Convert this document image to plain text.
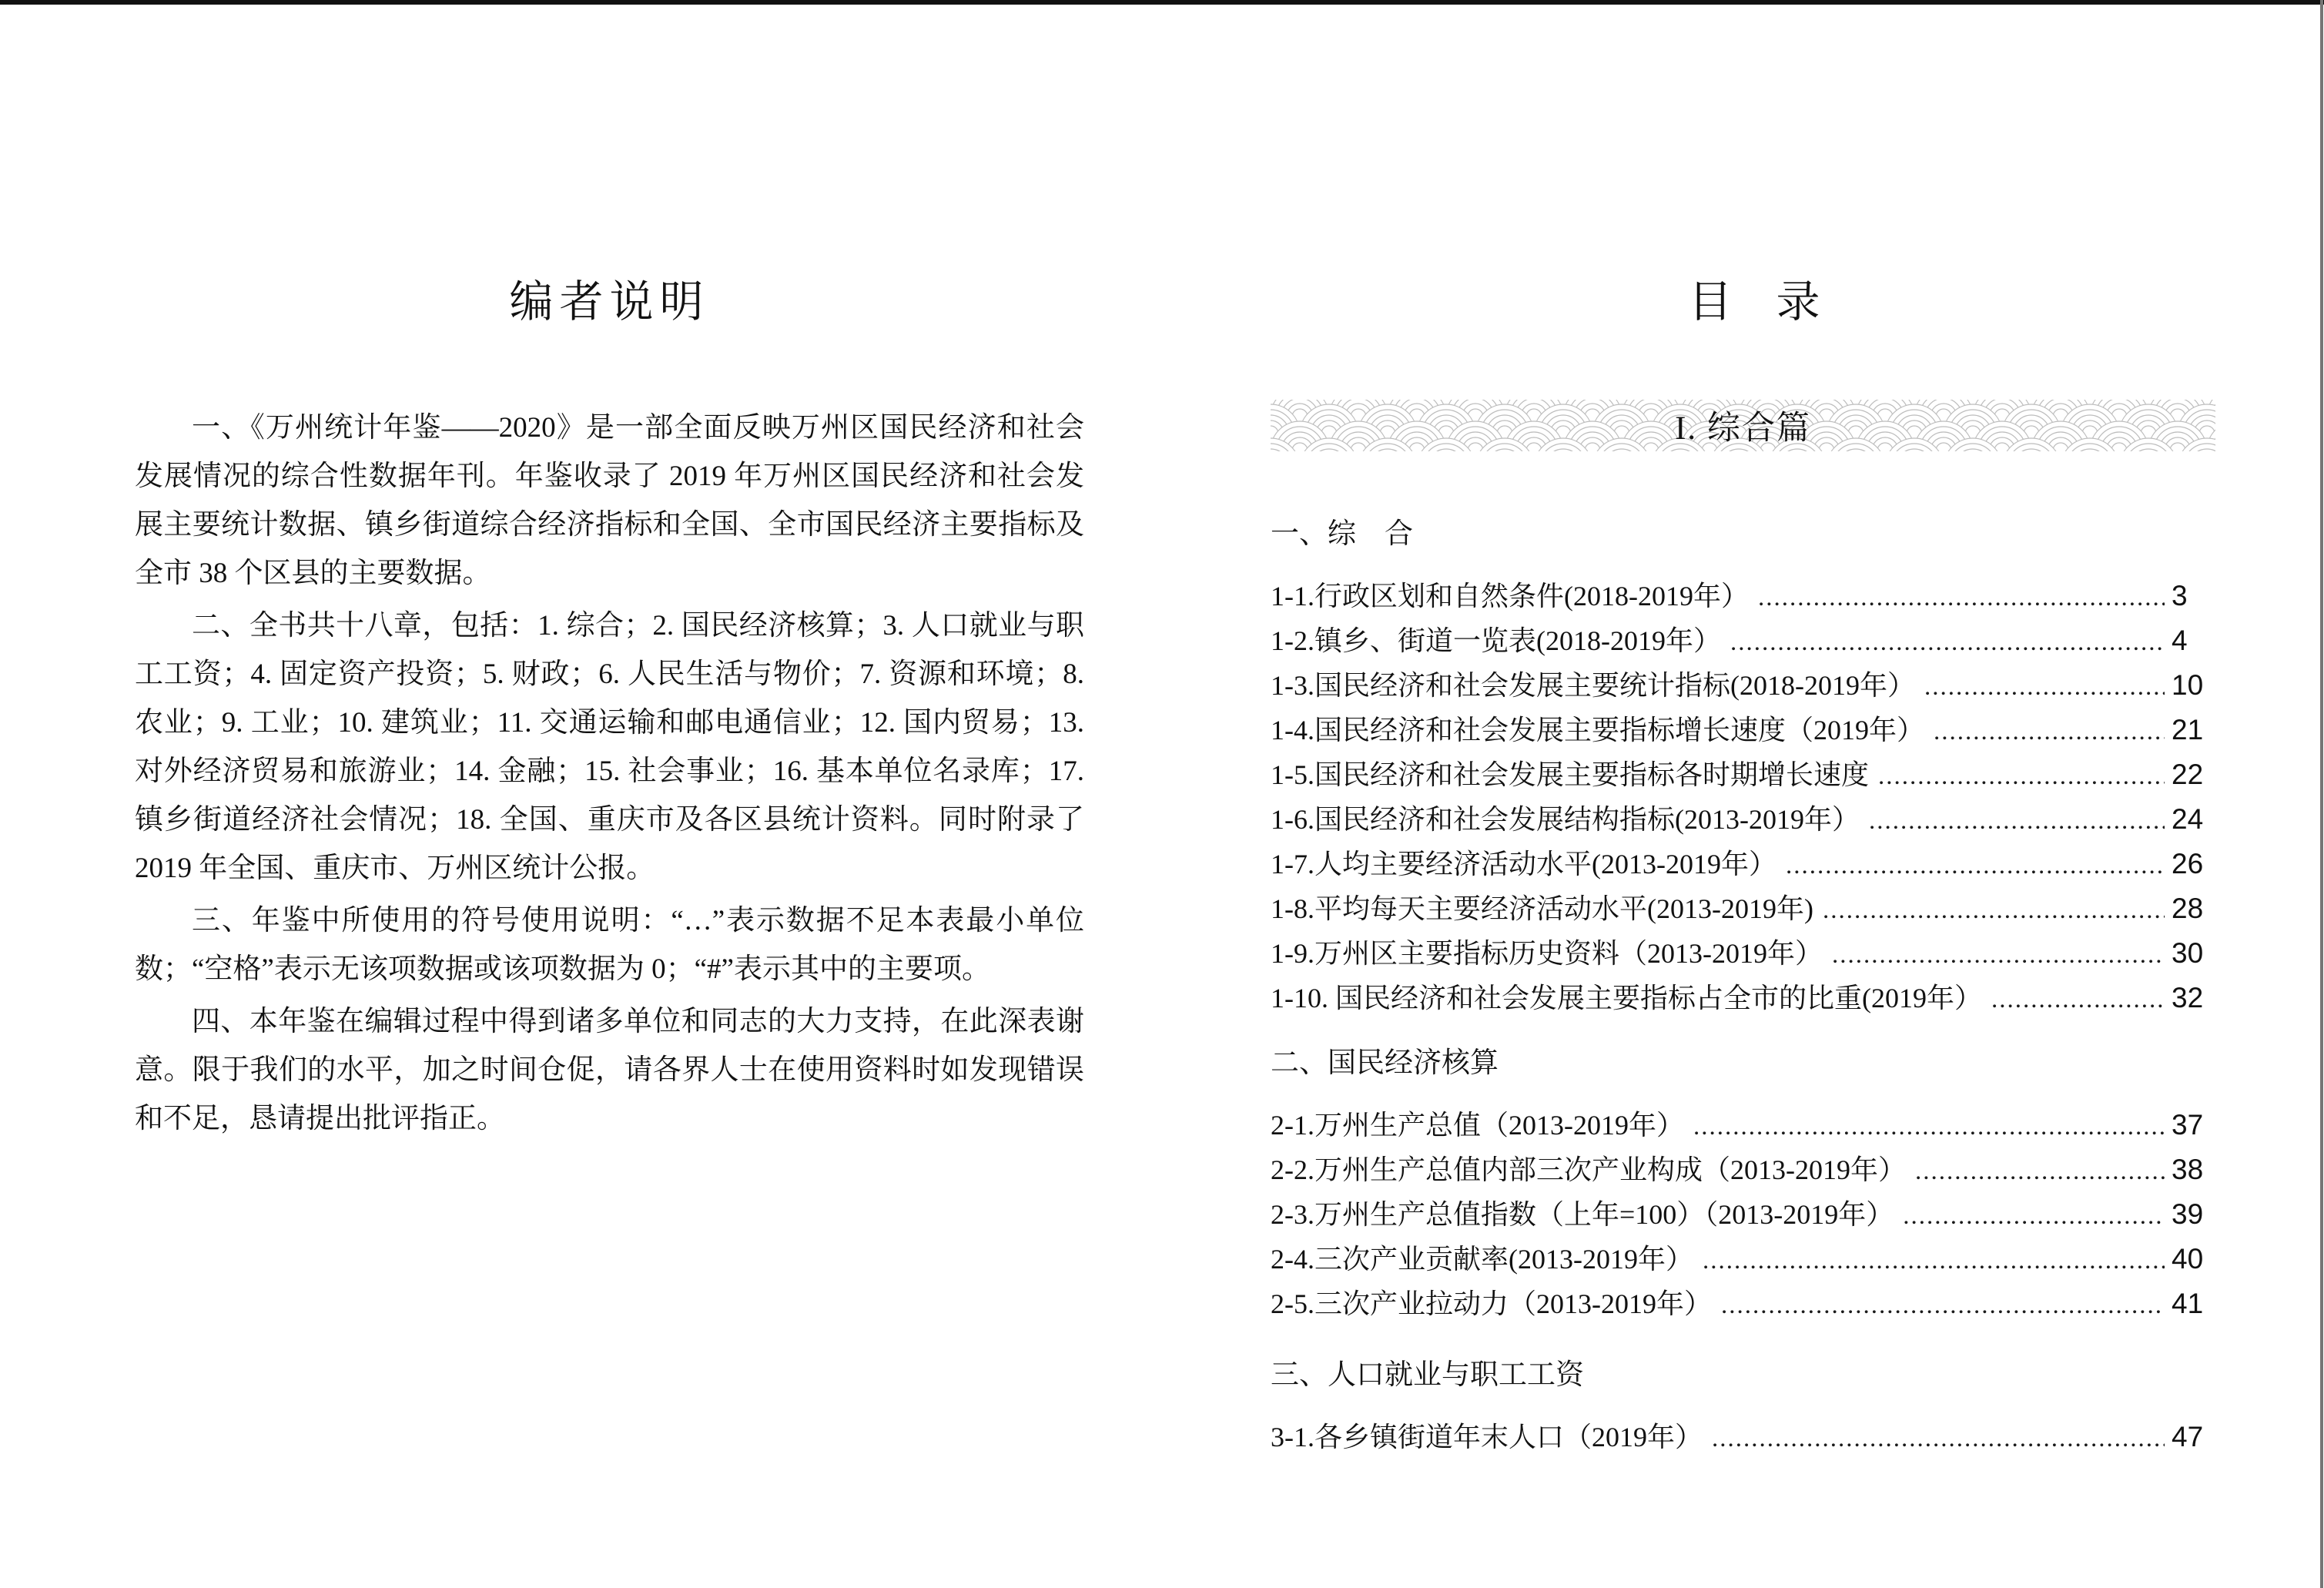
编者说明

一、《万州统计年鉴——2020》是一部全面反映万州区国民经济和社会发展情况的综合性数据年刊。年鉴收录了 2019 年万州区国民经济和社会发展主要统计数据、镇乡街道综合经济指标和全国、全市国民经济主要指标及全市 38 个区县的主要数据。

二、全书共十八章，包括：1. 综合；2. 国民经济核算；3. 人口就业与职工工资；4. 固定资产投资；5. 财政；6. 人民生活与物价；7. 资源和环境；8. 农业；9. 工业；10. 建筑业；11. 交通运输和邮电通信业；12. 国内贸易；13. 对外经济贸易和旅游业；14. 金融；15. 社会事业；16. 基本单位名录库；17. 镇乡街道经济社会情况；18. 全国、重庆市及各区县统计资料。同时附录了 2019 年全国、重庆市、万州区统计公报。

三、年鉴中所使用的符号使用说明：“…”表示数据不足本表最小单位数；“空格”表示无该项数据或该项数据为 0；“#”表示其中的主要项。

四、本年鉴在编辑过程中得到诸多单位和同志的大力支持，在此深表谢意。限于我们的水平，加之时间仓促，请各界人士在使用资料时如发现错误和不足，恳请提出批评指正。

目　录
I. 综合篇
一、综　合
1-1.行政区划和自然条件(2018-2019年） .....	3
1-2.镇乡、街道一览表(2018-2019年） .....	4
1-3.国民经济和社会发展主要统计指标(2018-2019年） .....	10
1-4.国民经济和社会发展主要指标增长速度（2019年） .....	21
1-5.国民经济和社会发展主要指标各时期增长速度 .....	22
1-6.国民经济和社会发展结构指标(2013-2019年） .....	24
1-7.人均主要经济活动水平(2013-2019年） .....	26
1-8.平均每天主要经济活动水平(2013-2019年) .....	28
1-9.万州区主要指标历史资料（2013-2019年） .....	30
1-10. 国民经济和社会发展主要指标占全市的比重(2019年） .....	32
二、国民经济核算
2-1.万州生产总值（2013-2019年） .....	37
2-2.万州生产总值内部三次产业构成（2013-2019年） .....	38
2-3.万州生产总值指数（上年=100）（2013-2019年） .....	39
2-4.三次产业贡献率(2013-2019年） .....	40
2-5.三次产业拉动力（2013-2019年） .....	41
三、人口就业与职工工资
3-1.各乡镇街道年末人口（2019年） .....	47
